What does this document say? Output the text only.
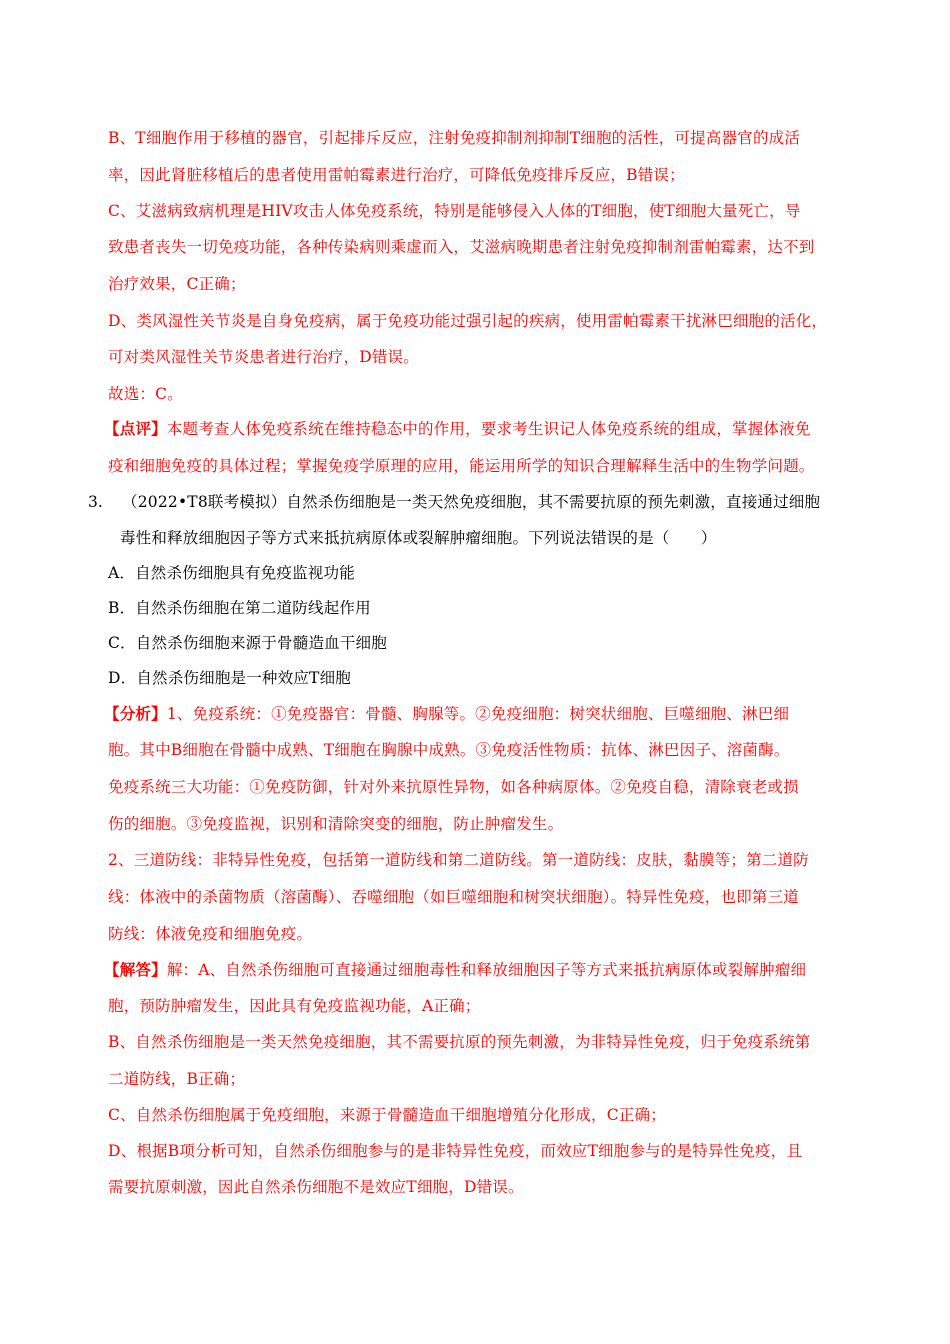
B、T细胞作用于移植的器官，引起排斥反应，注射免疫抑制剂抑制T细胞的活性，可提高器官的成活
率，因此肾脏移植后的患者使用雷帕霉素进行治疗，可降低免疫排斥反应，B错误；
C、艾滋病致病机理是HIV攻击人体免疫系统，特别是能够侵入人体的T细胞，使T细胞大量死亡，导
致患者丧失一切免疫功能，各种传染病则乘虚而入，艾滋病晚期患者注射免疫抑制剂雷帕霉素，达不到
治疗效果，C正确；
D、类风湿性关节炎是自身免疫病，属于免疫功能过强引起的疾病，使用雷帕霉素干扰淋巴细胞的活化，
可对类风湿性关节炎患者进行治疗，D错误。
故选：C。
【点评】本题考查人体免疫系统在维持稳态中的作用，要求考生识记人体免疫系统的组成，掌握体液免
疫和细胞免疫的具体过程；掌握免疫学原理的应用，能运用所学的知识合理解释生活中的生物学问题。
3. （2022•T8联考模拟）自然杀伤细胞是一类天然免疫细胞，其不需要抗原的预先刺激，直接通过细胞
毒性和释放细胞因子等方式来抵抗病原体或裂解肿瘤细胞。下列说法错误的是（　　）
A．自然杀伤细胞具有免疫监视功能
B．自然杀伤细胞在第二道防线起作用
C．自然杀伤细胞来源于骨髓造血干细胞
D．自然杀伤细胞是一种效应T细胞
【分析】1、免疫系统：①免疫器官：骨髓、胸腺等。②免疫细胞：树突状细胞、巨噬细胞、淋巴细
胞。其中B细胞在骨髓中成熟、T细胞在胸腺中成熟。③免疫活性物质：抗体、淋巴因子、溶菌酶。
免疫系统三大功能：①免疫防御，针对外来抗原性异物，如各种病原体。②免疫自稳，清除衰老或损
伤的细胞。③免疫监视，识别和清除突变的细胞，防止肿瘤发生。
2、三道防线：非特异性免疫，包括第一道防线和第二道防线。第一道防线：皮肤，黏膜等；第二道防
线：体液中的杀菌物质（溶菌酶）、吞噬细胞（如巨噬细胞和树突状细胞）。特异性免疫，也即第三道
防线：体液免疫和细胞免疫。
【解答】解：A、自然杀伤细胞可直接通过细胞毒性和释放细胞因子等方式来抵抗病原体或裂解肿瘤细
胞，预防肿瘤发生，因此具有免疫监视功能，A正确；
B、自然杀伤细胞是一类天然免疫细胞，其不需要抗原的预先刺激，为非特异性免疫，归于免疫系统第
二道防线，B正确；
C、自然杀伤细胞属于免疫细胞，来源于骨髓造血干细胞增殖分化形成，C正确；
D、根据B项分析可知，自然杀伤细胞参与的是非特异性免疫，而效应T细胞参与的是特异性免疫，且
需要抗原刺激，因此自然杀伤细胞不是效应T细胞，D错误。
